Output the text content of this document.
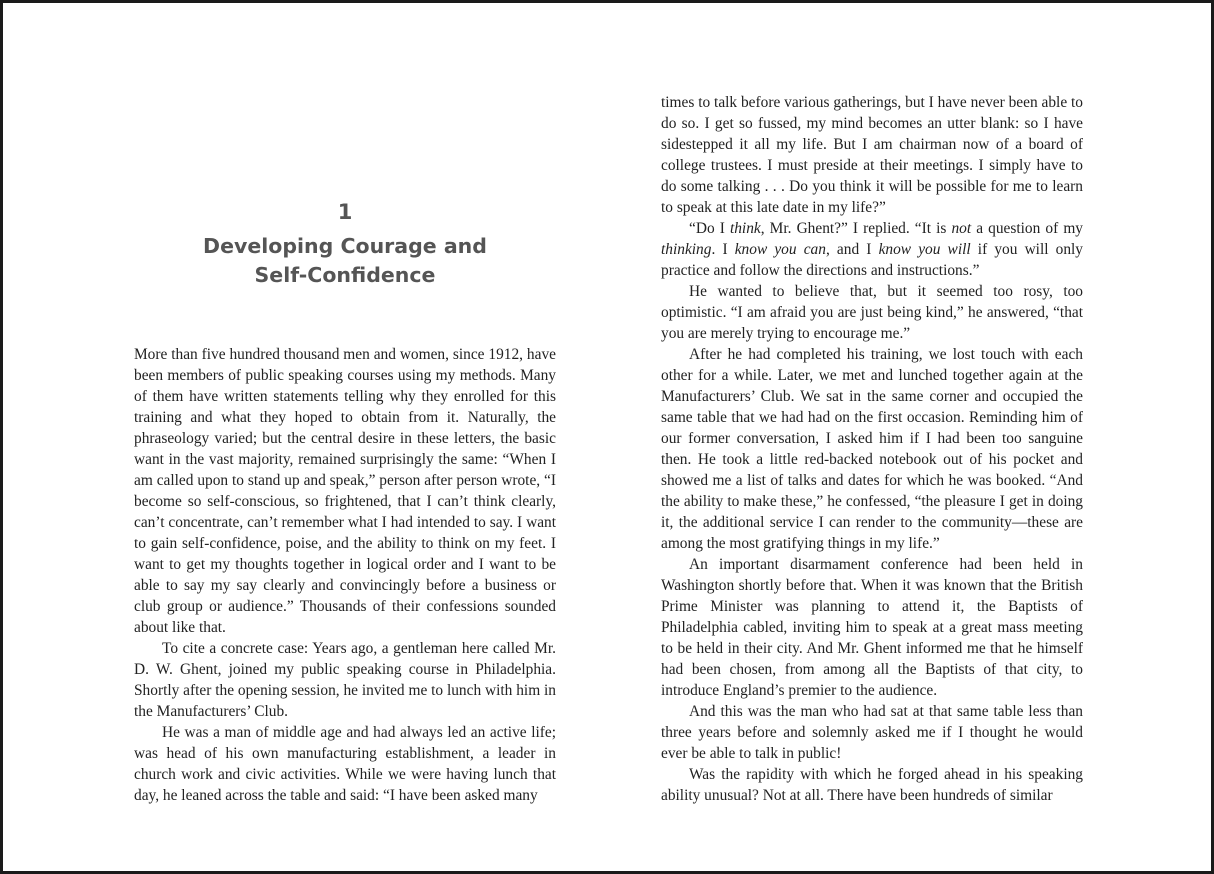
1
Developing Courage and
Self-Confidence

More than five hundred thousand men and women, since 1912, have been members of public speaking courses using my methods. Many of them have written statements telling why they enrolled for this training and what they hoped to obtain from it. Naturally, the phraseology varied; but the central desire in these letters, the basic want in the vast majority, remained surprisingly the same: “When I am called upon to stand up and speak,” person after person wrote, “I become so self-conscious, so frightened, that I can’t think clearly, can’t concentrate, can’t remember what I had intended to say. I want to gain self-confidence, poise, and the ability to think on my feet. I want to get my thoughts together in logical order and I want to be able to say my say clearly and convincingly before a business or club group or audience.” Thousands of their confessions sounded about like that.

To cite a concrete case: Years ago, a gentleman here called Mr. D. W. Ghent, joined my public speaking course in Philadelphia. Shortly after the opening session, he invited me to lunch with him in the Manufacturers’ Club.

He was a man of middle age and had always led an active life; was head of his own manufacturing establishment, a leader in church work and civic activities. While we were having lunch that day, he leaned across the table and said: “I have been asked many

times to talk before various gatherings, but I have never been able to do so. I get so fussed, my mind becomes an utter blank: so I have sidestepped it all my life. But I am chairman now of a board of college trustees. I must preside at their meetings. I simply have to do some talking . . . Do you think it will be possible for me to learn to speak at this late date in my life?”

“Do I think, Mr. Ghent?” I replied. “It is not a question of my thinking. I know you can, and I know you will if you will only practice and follow the directions and instructions.”

He wanted to believe that, but it seemed too rosy, too optimistic. “I am afraid you are just being kind,” he answered, “that you are merely trying to encourage me.”

After he had completed his training, we lost touch with each other for a while. Later, we met and lunched together again at the Manufacturers’ Club. We sat in the same corner and occupied the same table that we had had on the first occasion. Reminding him of our former conversation, I asked him if I had been too sanguine then. He took a little red-backed notebook out of his pocket and showed me a list of talks and dates for which he was booked. “And the ability to make these,” he confessed, “the pleasure I get in doing it, the additional service I can render to the community—these are among the most gratifying things in my life.”

An important disarmament conference had been held in Washington shortly before that. When it was known that the British Prime Minister was planning to attend it, the Baptists of Philadelphia cabled, inviting him to speak at a great mass meeting to be held in their city. And Mr. Ghent informed me that he himself had been chosen, from among all the Baptists of that city, to introduce England’s premier to the audience.

And this was the man who had sat at that same table less than three years before and solemnly asked me if I thought he would ever be able to talk in public!

Was the rapidity with which he forged ahead in his speaking ability unusual? Not at all. There have been hundreds of similar
